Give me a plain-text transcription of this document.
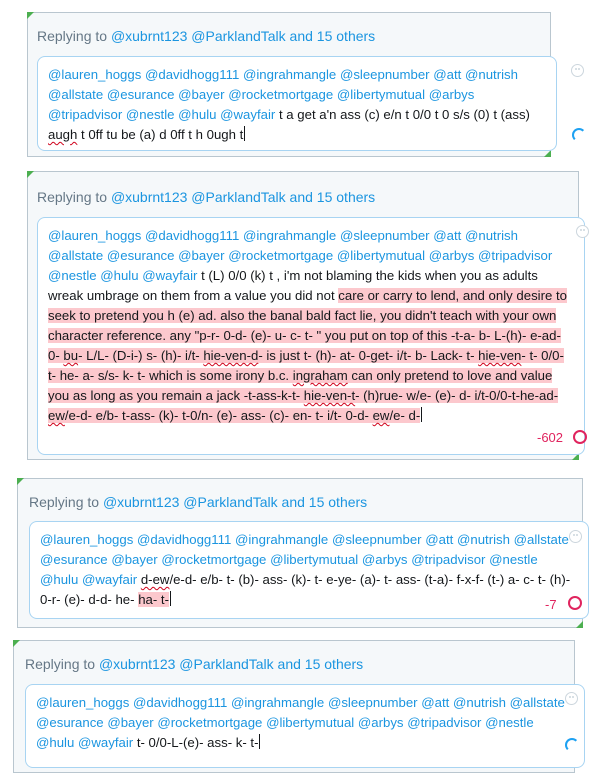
Replying to @xubrnt123 @ParklandTalk and 15 others
@lauren_hoggs @davidhogg111 @ingrahmangle @sleepnumber @att @nutrish @allstate @esurance @bayer @rocketmortgage @libertymutual @arbys @tripadvisor @nestle @hulu @wayfair t a get a'n ass (c) e/n t 0/0 t 0 s/s (0) t (ass) augh t 0ff tu be (a) d 0ff t h 0ugh t
Replying to @xubrnt123 @ParklandTalk and 15 others
@lauren_hoggs @davidhogg111 @ingrahmangle @sleepnumber @att @nutrish @allstate @esurance @bayer @rocketmortgage @libertymutual @arbys @tripadvisor @nestle @hulu @wayfair t (L) 0/0 (k) t , i'm not blaming the kids when you as adults wreak umbrage on them from a value you did not care or carry to lend, and only desire to seek to pretend you h (e) ad. also the banal bald fact lie, you didn't teach with your own character reference. any "p-r- 0-d- (e)- u- c- t- " you put on top of this -t-a- b- L-(h)- e-ad- 0- bu- L/L- (D-i-) s- (h)- i/t- hie-ven-d- is just t- (h)- at- 0-get- i/t- b- Lack- t- hie-ven- t- 0/0- t- he- a- s/s- k- t- which is some irony b.c. ingraham can only pretend to love and value you as long as you remain a jack -t-ass-k-t- hie-ven-t- (h)rue- w/e- (e)- d- i/t-0/0-t-he-ad- ew/e-d- e/b- t-ass- (k)- t-0/n- (e)- ass- (c)- en- t- i/t- 0-d- ew/e- d-
-602
Replying to @xubrnt123 @ParklandTalk and 15 others
@lauren_hoggs @davidhogg111 @ingrahmangle @sleepnumber @att @nutrish @allstate @esurance @bayer @rocketmortgage @libertymutual @arbys @tripadvisor @nestle @hulu @wayfair d-ew/e-d- e/b- t- (b)- ass- (k)- t- e-ye- (a)- t- ass- (t-a)- f-x-f- (t-) a- c- t- (h)- 0-r- (e)- d-d- he- ha- t-	-7
Replying to @xubrnt123 @ParklandTalk and 15 others
@lauren_hoggs @davidhogg111 @ingrahmangle @sleepnumber @att @nutrish @allstate @esurance @bayer @rocketmortgage @libertymutual @arbys @tripadvisor @nestle @hulu @wayfair t- 0/0-L-(e)- ass- k- t-
